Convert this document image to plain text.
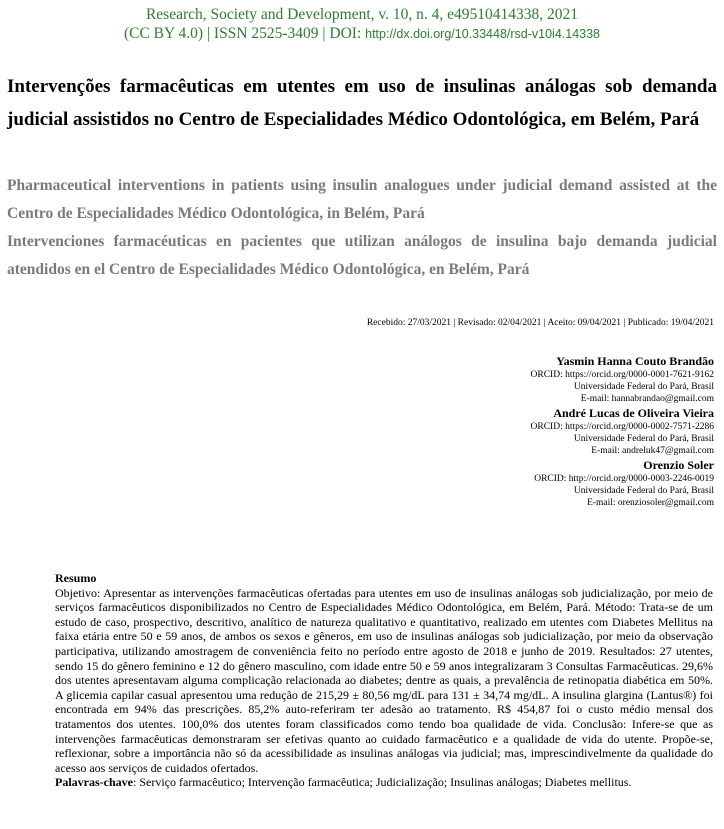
Research, Society and Development, v. 10, n. 4, e49510414338, 2021
(CC BY 4.0) | ISSN 2525-3409 | DOI: http://dx.doi.org/10.33448/rsd-v10i4.14338
Intervenções farmacêuticas em utentes em uso de insulinas análogas sob demanda judicial assistidos no Centro de Especialidades Médico Odontológica, em Belém, Pará
Pharmaceutical interventions in patients using insulin analogues under judicial demand assisted at the Centro de Especialidades Médico Odontológica, in Belém, Pará
Intervenciones farmacéuticas en pacientes que utilizan análogos de insulina bajo demanda judicial atendidos en el Centro de Especialidades Médico Odontológica, en Belém, Pará
Recebido: 27/03/2021 | Revisado: 02/04/2021 | Aceito: 09/04/2021 | Publicado: 19/04/2021
Yasmin Hanna Couto Brandão
ORCID: https://orcid.org/0000-0001-7621-9162
Universidade Federal do Pará, Brasil
E-mail: hannabrandao@gmail.com
André Lucas de Oliveira Vieira
ORCID: https://orcid.org/0000-0002-7571-2286
Universidade Federal do Pará, Brasil
E-mail: andreluk47@gmail.com
Orenzio Soler
ORCID: http://orcid.org/0000-0003-2246-0019
Universidade Federal do Pará, Brasil
E-mail: orenziosoler@gmail.com
Resumo

Objetivo: Apresentar as intervenções farmacêuticas ofertadas para utentes em uso de insulinas análogas sob judicialização, por meio de serviços farmacêuticos disponibilizados no Centro de Especialidades Médico Odontológica, em Belém, Pará. Método: Trata-se de um estudo de caso, prospectivo, descritivo, analítico de natureza qualitativo e quantitativo, realizado em utentes com Diabetes Mellitus na faixa etária entre 50 e 59 anos, de ambos os sexos e gêneros, em uso de insulinas análogas sob judicialização, por meio da observação participativa, utilizando amostragem de conveniência feito no período entre agosto de 2018 e junho de 2019. Resultados: 27 utentes, sendo 15 do gênero feminino e 12 do gênero masculino, com idade entre 50 e 59 anos integralizaram 3 Consultas Farmacêuticas. 29,6% dos utentes apresentavam alguma complicação relacionada ao diabetes; dentre as quais, a prevalência de retinopatia diabética em 50%. A glicemia capilar casual apresentou uma redução de 215,29 ± 80,56 mg/dL para 131 ± 34,74 mg/dL. A insulina glargina (Lantus®) foi encontrada em 94% das prescrições. 85,2% auto-referiram ter adesão ao tratamento. R$ 454,87 foi o custo médio mensal dos tratamentos dos utentes. 100,0% dos utentes foram classificados como tendo boa qualidade de vida. Conclusão: Infere-se que as intervenções farmacêuticas demonstraram ser efetivas quanto ao cuidado farmacêutico e a qualidade de vida do utente. Propõe-se, reflexionar, sobre a importância não só da acessibilidade as insulinas análogas via judicial; mas, imprescindivelmente da qualidade do acesso aos serviços de cuidados ofertados.

Palavras-chave: Serviço farmacêutico; Intervenção farmacêutica; Judicialização; Insulinas análogas; Diabetes mellitus.
